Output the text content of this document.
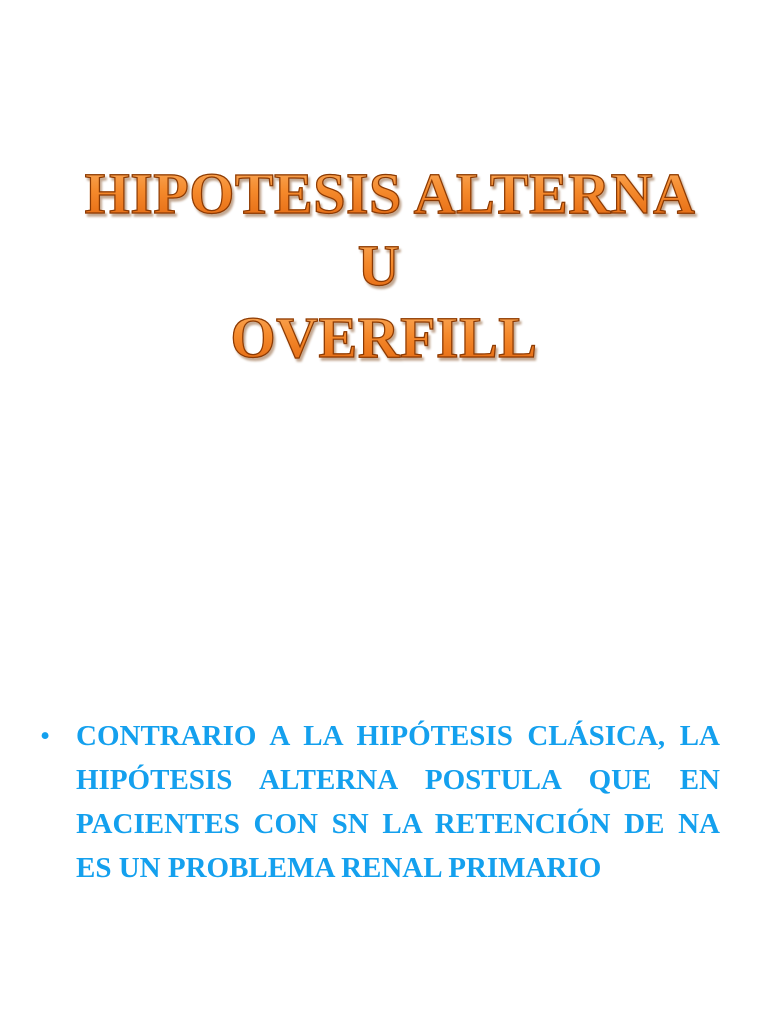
HIPOTESIS ALTERNA
U
OVERFILL
• CONTRARIO A LA HIPÓTESIS CLÁSICA, LA HIPÓTESIS ALTERNA POSTULA QUE EN PACIENTES CON SN LA RETENCIÓN DE NA ES UN PROBLEMA RENAL PRIMARIO
